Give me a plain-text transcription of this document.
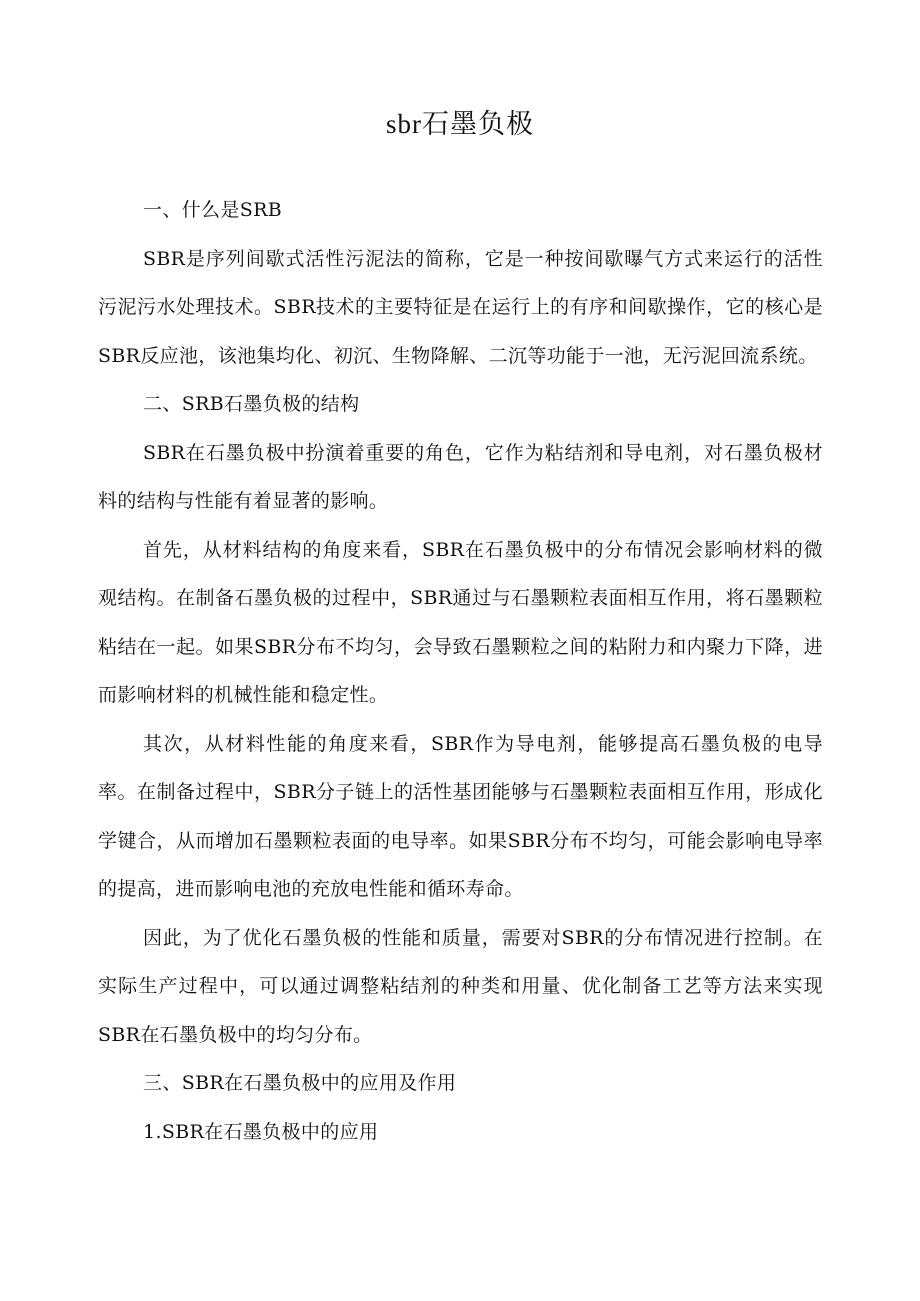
sbr石墨负极

一、什么是SRB

SBR是序列间歇式活性污泥法的简称，它是一种按间歇曝气方式来运行的活性污泥污水处理技术。SBR技术的主要特征是在运行上的有序和间歇操作，它的核心是SBR反应池，该池集均化、初沉、生物降解、二沉等功能于一池，无污泥回流系统。

二、SRB石墨负极的结构

SBR在石墨负极中扮演着重要的角色，它作为粘结剂和导电剂，对石墨负极材料的结构与性能有着显著的影响。

首先，从材料结构的角度来看，SBR在石墨负极中的分布情况会影响材料的微观结构。在制备石墨负极的过程中，SBR通过与石墨颗粒表面相互作用，将石墨颗粒粘结在一起。如果SBR分布不均匀，会导致石墨颗粒之间的粘附力和内聚力下降，进而影响材料的机械性能和稳定性。

其次，从材料性能的角度来看，SBR作为导电剂，能够提高石墨负极的电导率。在制备过程中，SBR分子链上的活性基团能够与石墨颗粒表面相互作用，形成化学键合，从而增加石墨颗粒表面的电导率。如果SBR分布不均匀，可能会影响电导率的提高，进而影响电池的充放电性能和循环寿命。

因此，为了优化石墨负极的性能和质量，需要对SBR的分布情况进行控制。在实际生产过程中，可以通过调整粘结剂的种类和用量、优化制备工艺等方法来实现SBR在石墨负极中的均匀分布。

三、SBR在石墨负极中的应用及作用

1.SBR在石墨负极中的应用
